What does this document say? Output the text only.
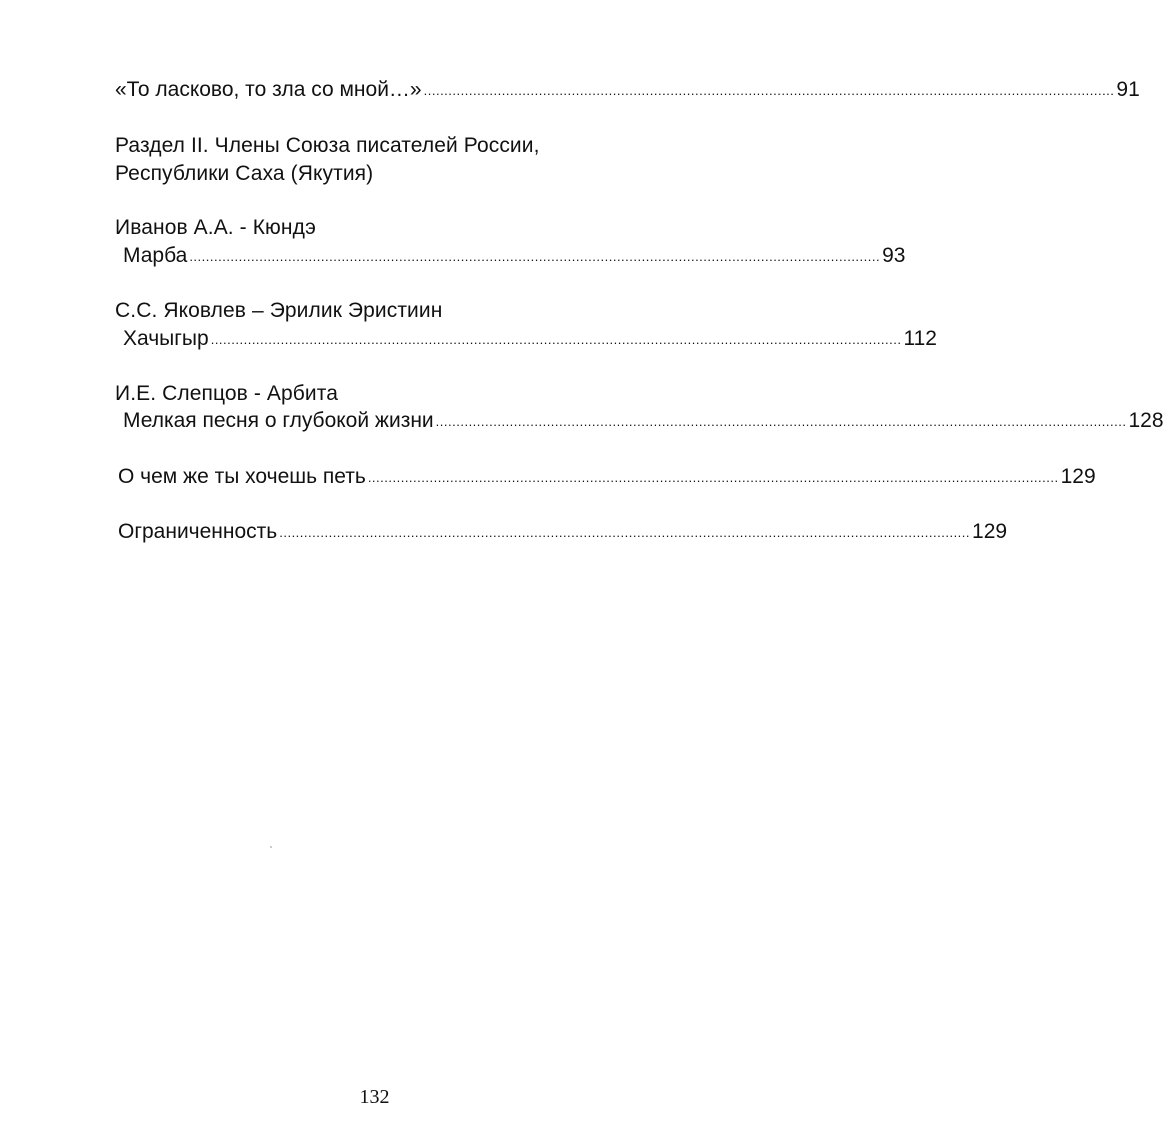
«То ласково, то зла со мной…» ........................................................................................................................................................................ 91
Раздел II. Члены Союза писателей России,
Республики Саха (Якутия)
Иванов А.А. - Кюндэ
Марба ........................................................................................................................................................................ 93
С.С. Яковлев – Эрилик Эристиин
Хачыгыр ........................................................................................................................................................................ 112
И.Е. Слепцов - Арбита
Мелкая песня о глубокой жизни ........................................................................................................................................................................ 128
О чем же ты хочешь петь ........................................................................................................................................................................ 129
Ограниченность ........................................................................................................................................................................ 129
132
